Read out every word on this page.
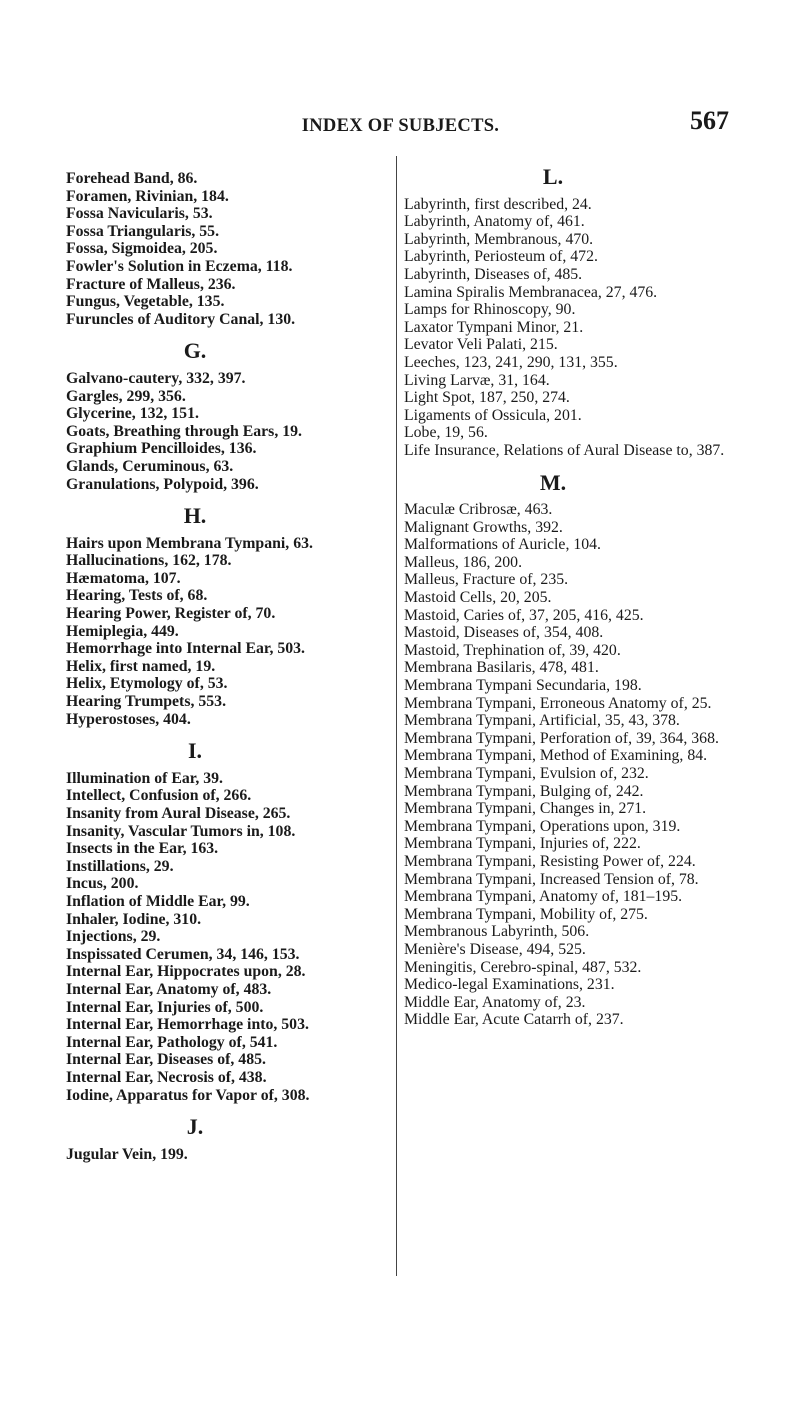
INDEX OF SUBJECTS.	567

Forehead Band, 86.

Foramen, Rivinian, 184.

Fossa Navicularis, 53.

Fossa Triangularis, 55.

Fossa, Sigmoidea, 205.

Fowler's Solution in Eczema, 118.

Fracture of Malleus, 236.

Fungus, Vegetable, 135.

Furuncles of Auditory Canal, 130.

G.

Galvano-cautery, 332, 397.

Gargles, 299, 356.

Glycerine, 132, 151.

Goats, Breathing through Ears, 19.

Graphium Pencilloides, 136.

Glands, Ceruminous, 63.

Granulations, Polypoid, 396.

H.

Hairs upon Membrana Tympani, 63.

Hallucinations, 162, 178.

Hæmatoma, 107.

Hearing, Tests of, 68.

Hearing Power, Register of, 70.

Hemiplegia, 449.

Hemorrhage into Internal Ear, 503.

Helix, first named, 19.

Helix, Etymology of, 53.

Hearing Trumpets, 553.

Hyperostoses, 404.

I.

Illumination of Ear, 39.

Intellect, Confusion of, 266.

Insanity from Aural Disease, 265.

Insanity, Vascular Tumors in, 108.

Insects in the Ear, 163.

Instillations, 29.

Incus, 200.

Inflation of Middle Ear, 99.

Inhaler, Iodine, 310.

Injections, 29.

Inspissated Cerumen, 34, 146, 153.

Internal Ear, Hippocrates upon, 28.

Internal Ear, Anatomy of, 483.

Internal Ear, Injuries of, 500.

Internal Ear, Hemorrhage into, 503.

Internal Ear, Pathology of, 541.

Internal Ear, Diseases of, 485.

Internal Ear, Necrosis of, 438.

Iodine, Apparatus for Vapor of, 308.

J.

Jugular Vein, 199.

L.

Labyrinth, first described, 24.

Labyrinth, Anatomy of, 461.

Labyrinth, Membranous, 470.

Labyrinth, Periosteum of, 472.

Labyrinth, Diseases of, 485.

Lamina Spiralis Membranacea, 27, 476.

Lamps for Rhinoscopy, 90.

Laxator Tympani Minor, 21.

Levator Veli Palati, 215.

Leeches, 123, 241, 290, 131, 355.

Living Larvæ, 31, 164.

Light Spot, 187, 250, 274.

Ligaments of Ossicula, 201.

Lobe, 19, 56.

Life Insurance, Relations of Aural Disease to, 387.

M.

Maculæ Cribrosæ, 463.

Malignant Growths, 392.

Malformations of Auricle, 104.

Malleus, 186, 200.

Malleus, Fracture of, 235.

Mastoid Cells, 20, 205.

Mastoid, Caries of, 37, 205, 416, 425.

Mastoid, Diseases of, 354, 408.

Mastoid, Trephination of, 39, 420.

Membrana Basilaris, 478, 481.

Membrana Tympani Secundaria, 198.

Membrana Tympani, Erroneous Anatomy of, 25.

Membrana Tympani, Artificial, 35, 43, 378.

Membrana Tympani, Perforation of, 39, 364, 368.

Membrana Tympani, Method of Examining, 84.

Membrana Tympani, Evulsion of, 232.

Membrana Tympani, Bulging of, 242.

Membrana Tympani, Changes in, 271.

Membrana Tympani, Operations upon, 319.

Membrana Tympani, Injuries of, 222.

Membrana Tympani, Resisting Power of, 224.

Membrana Tympani, Increased Tension of, 78.

Membrana Tympani, Anatomy of, 181–195.

Membrana Tympani, Mobility of, 275.

Membranous Labyrinth, 506.

Menière's Disease, 494, 525.

Meningitis, Cerebro-spinal, 487, 532.

Medico-legal Examinations, 231.

Middle Ear, Anatomy of, 23.

Middle Ear, Acute Catarrh of, 237.
